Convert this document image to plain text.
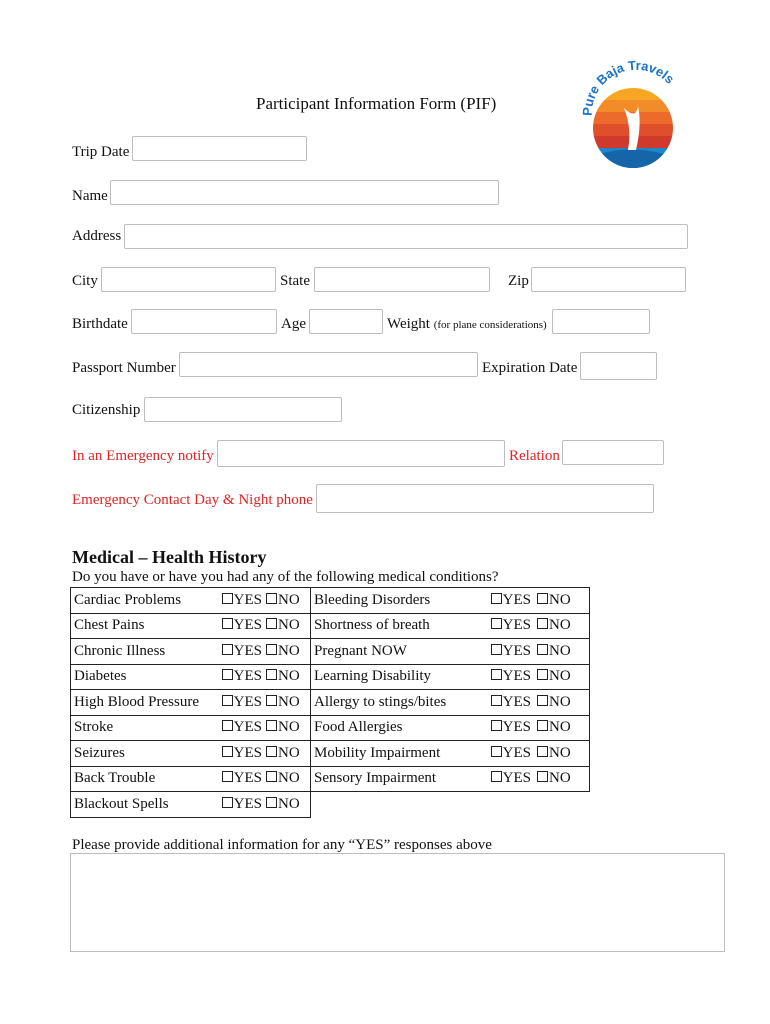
Pure Baja Travels
Participant Information Form (PIF)
Trip Date
Name
Address
City	State	Zip
Birthdate	Age	Weight (for plane considerations)
Passport Number	Expiration Date
Citizenship
In an Emergency notify	Relation
Emergency Contact Day & Night phone
Medical – Health History
Do you have or have you had any of the following medical conditions?
Cardiac Problems	YES	NO	Bleeding Disorders	YES	NO
Chest Pains	YES	NO	Shortness of breath	YES	NO
Chronic Illness	YES	NO	Pregnant NOW	YES	NO
Diabetes	YES	NO	Learning Disability	YES	NO
High Blood Pressure	YES	NO	Allergy to stings/bites	YES	NO
Stroke	YES	NO	Food Allergies	YES	NO
Seizures	YES	NO	Mobility Impairment	YES	NO
Back Trouble	YES	NO	Sensory Impairment	YES	NO
Blackout Spells	YES	NO			
Please provide additional information for any “YES” responses above
